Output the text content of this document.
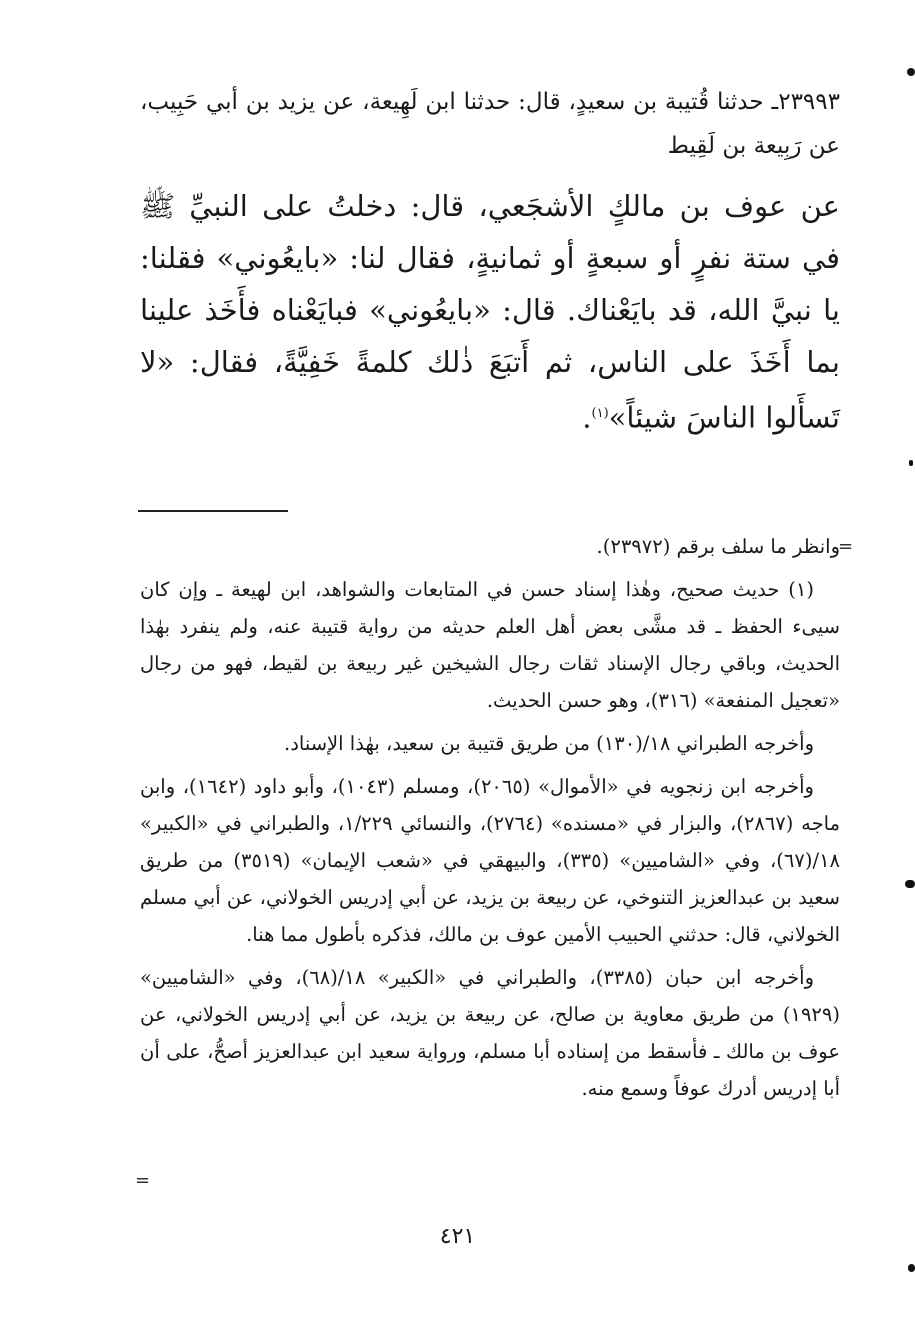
٢٣٩٩٣ـ حدثنا قُتيبة بن سعيدٍ، قال: حدثنا ابن لَهِيعة، عن يزيد بن أبي حَبِيب، عن رَبِيعة بن لَقِيط

عن عوف بن مالكٍ الأشجَعي، قال: دخلتُ على النبيِّ ﷺ في ستة نفرٍ أو سبعةٍ أو ثمانيةٍ، فقال لنا: «بايعُوني» فقلنا: يا نبيَّ الله، قد بايَعْناك. قال: «بايعُوني» فبايَعْناه فأَخَذ علينا بما أَخَذَ على الناس، ثم أَتبَعَ ذٰلك كلمةً خَفِيَّةً، فقال: «لا تَسأَلوا الناسَ شيئاً»$^{(١)}$.

وانظر ما سلف برقم (٢٣٩٧٢).

(١) حديث صحيح، وهٰذا إسناد حسن في المتابعات والشواهد، ابن لهيعة ـ وإن كان سيىء الحفظ ـ قد مشَّى بعض أهل العلم حديثه من رواية قتيبة عنه، ولم ينفرد بهٰذا الحديث، وباقي رجال الإسناد ثقات رجال الشيخين غير ربيعة بن لقيط، فهو من رجال «تعجيل المنفعة» (٣١٦)، وهو حسن الحديث.

وأخرجه الطبراني ١٨/(١٣٠) من طريق قتيبة بن سعيد، بهٰذا الإسناد.

وأخرجه ابن زنجويه في «الأموال» (٢٠٦٥)، ومسلم (١٠٤٣)، وأبو داود (١٦٤٢)، وابن ماجه (٢٨٦٧)، والبزار في «مسنده» (٢٧٦٤)، والنسائي ١/٢٢٩، والطبراني في «الكبير» ١٨/(٦٧)، وفي «الشاميين» (٣٣٥)، والبيهقي في «شعب الإيمان» (٣٥١٩) من طريق سعيد بن عبدالعزيز التنوخي، عن ربيعة بن يزيد، عن أبي إدريس الخولاني، عن أبي مسلم الخولاني، قال: حدثني الحبيب الأمين عوف بن مالك، فذكره بأطول مما هنا.

وأخرجه ابن حبان (٣٣٨٥)، والطبراني في «الكبير» ١٨/(٦٨)، وفي «الشاميين» (١٩٢٩) من طريق معاوية بن صالح، عن ربيعة بن يزيد، عن أبي إدريس الخولاني، عن عوف بن مالك ـ فأسقط من إسناده أبا مسلم، ورواية سعيد ابن عبدالعزيز أصحُّ، على أن أبا إدريس أدرك عوفاً وسمع منه.

=
=
٤٢١
